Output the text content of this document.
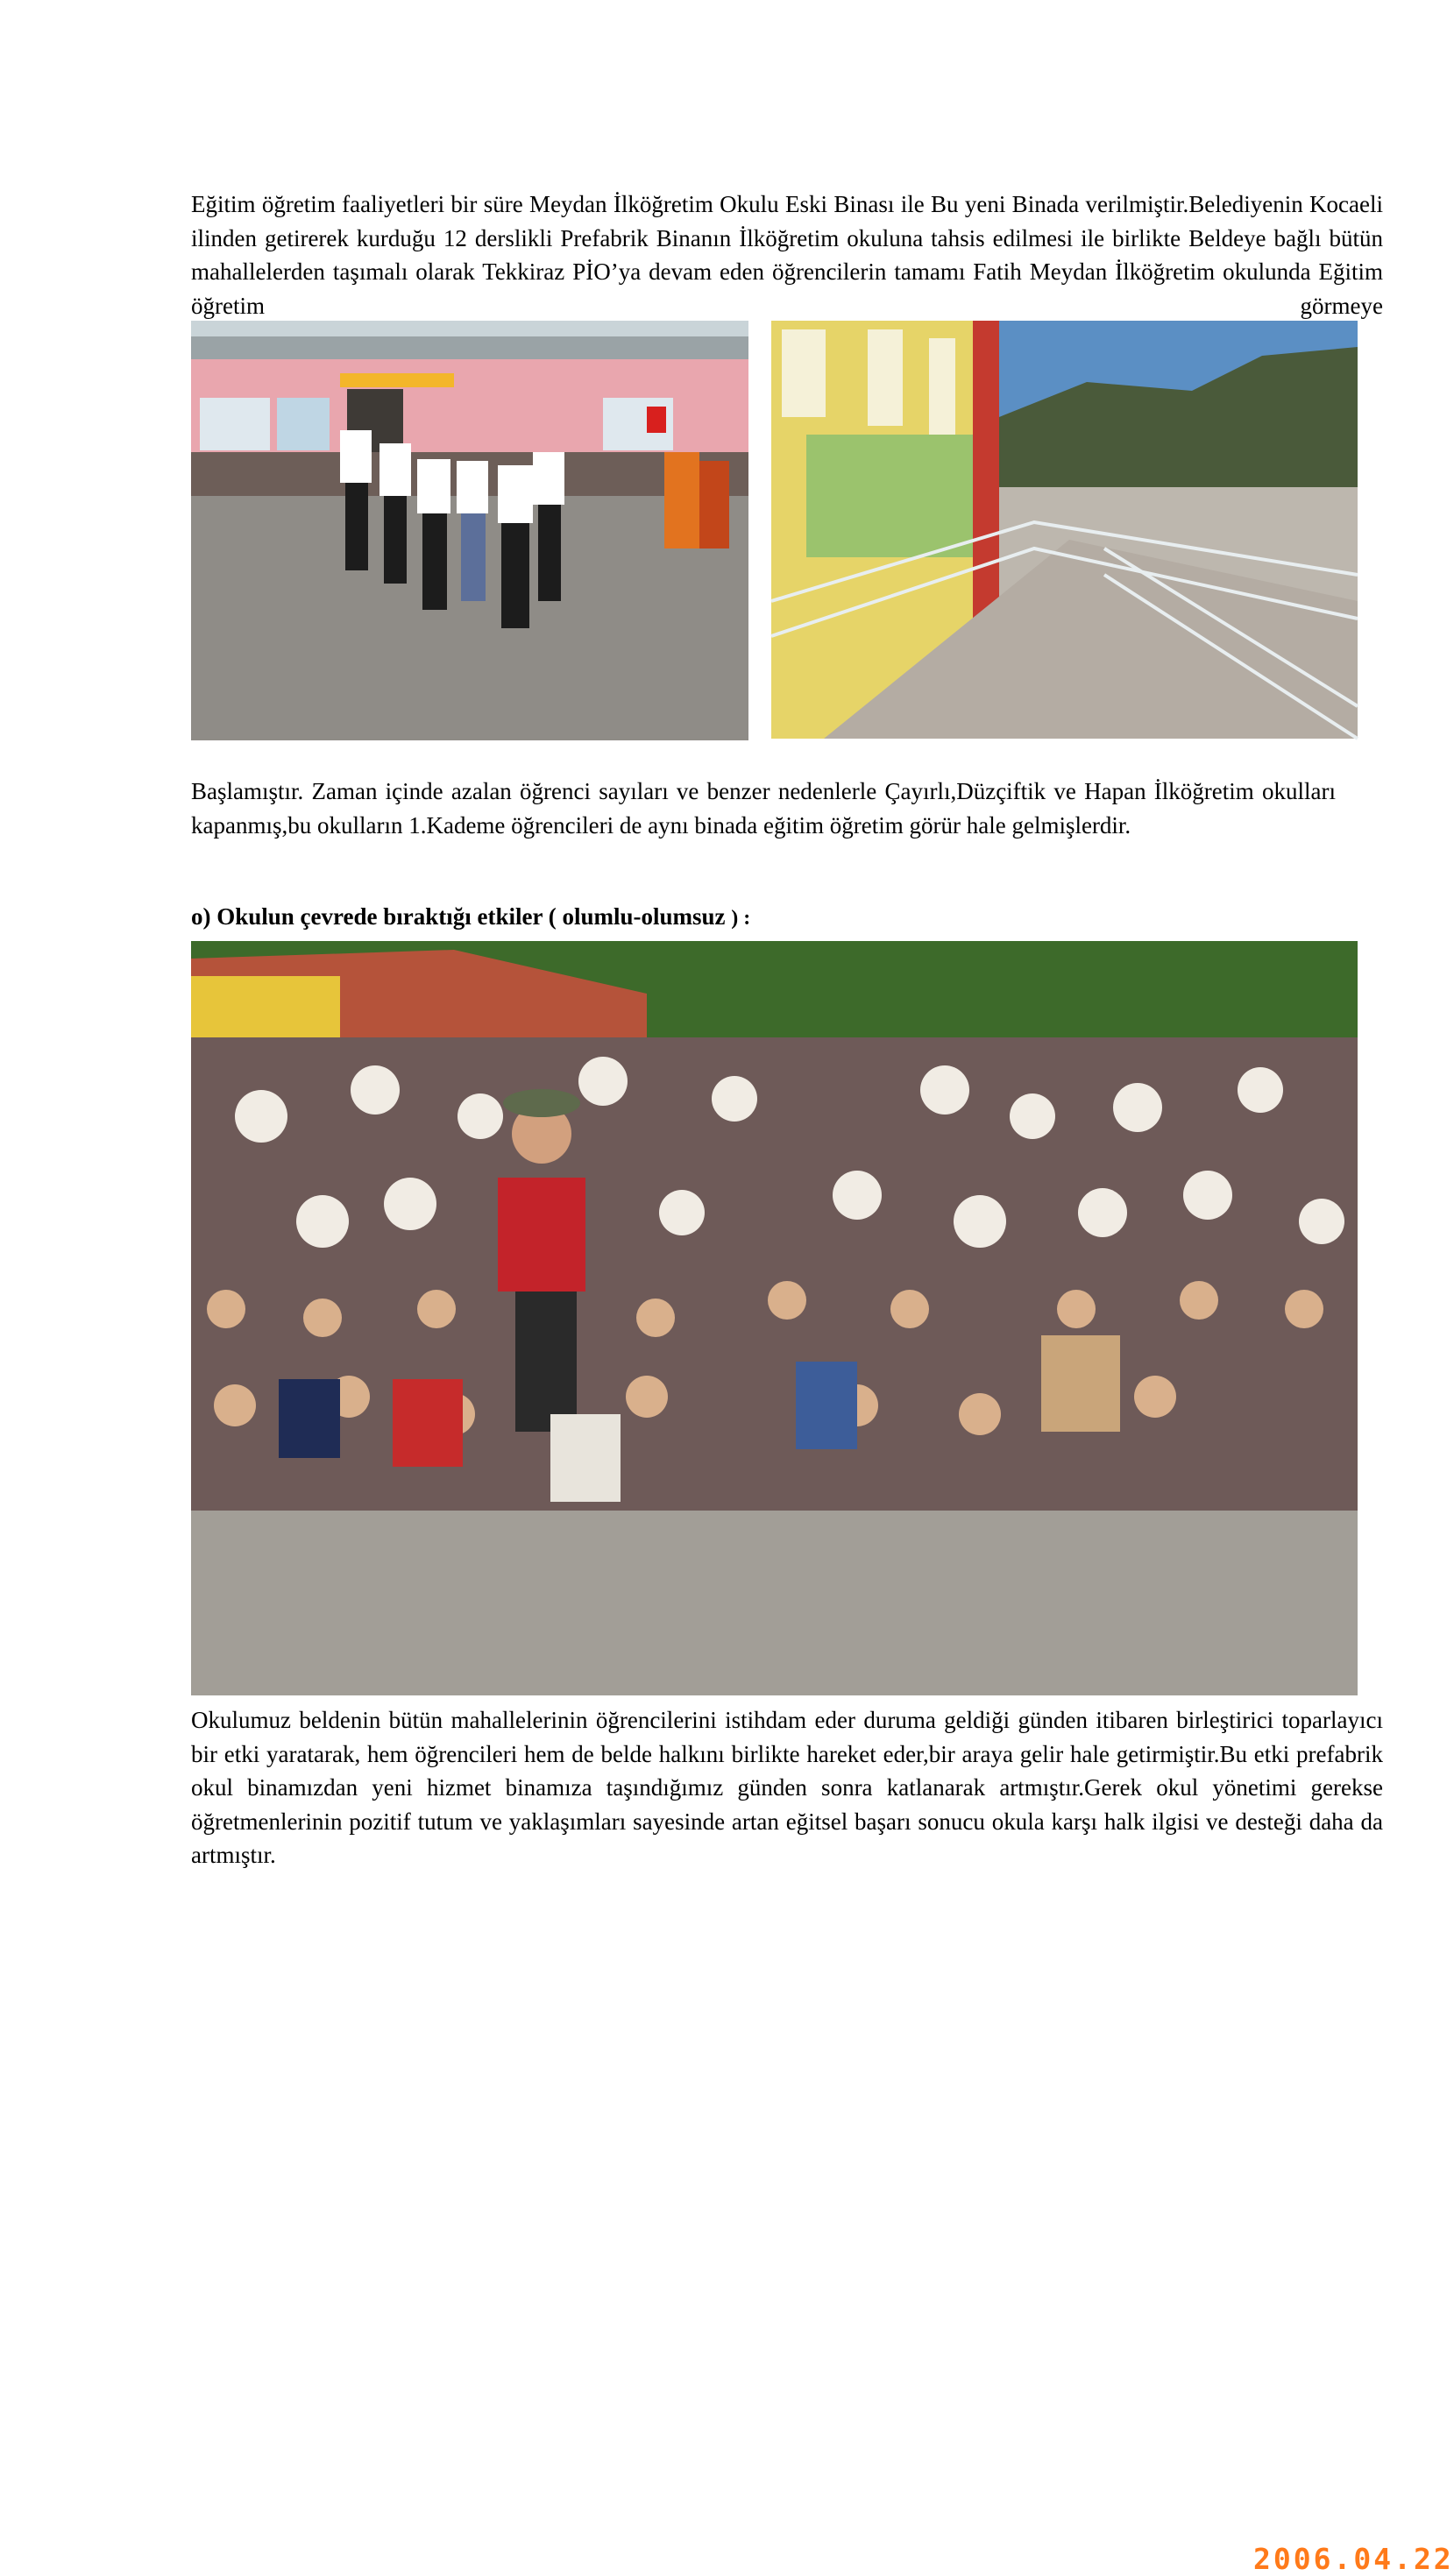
Eğitim öğretim faaliyetleri bir süre Meydan İlköğretim Okulu Eski Binası ile Bu yeni Binada verilmiştir.Belediyenin Kocaeli ilinden getirerek kurduğu 12 derslikli Prefabrik Binanın İlköğretim okuluna tahsis edilmesi ile birlikte Beldeye bağlı bütün mahallelerden taşımalı olarak Tekkiraz PİO’ya devam eden öğrencilerin tamamı Fatih Meydan İlköğretim okulunda Eğitim öğretim görmeye

Başlamıştır. Zaman içinde azalan öğrenci sayıları ve benzer nedenlerle Çayırlı,Düzçiftik ve Hapan İlköğretim okulları kapanmış,bu okulların 1.Kademe öğrencileri de aynı binada eğitim öğretim görür hale gelmişlerdir.

o) Okulun çevrede bıraktığı etkiler ( olumlu-olumsuz ) :

2006.04.22

Okulumuz beldenin bütün mahallelerinin öğrencilerini istihdam eder duruma geldiği günden itibaren birleştirici toparlayıcı bir etki yaratarak, hem öğrencileri hem de belde halkını birlikte hareket eder,bir araya gelir hale getirmiştir.Bu etki prefabrik okul binamızdan yeni hizmet binamıza taşındığımız günden sonra katlanarak artmıştır.Gerek okul yönetimi gerekse öğretmenlerinin pozitif tutum ve yaklaşımları sayesinde artan eğitsel başarı sonucu okula karşı halk ilgisi ve desteği daha da artmıştır.
